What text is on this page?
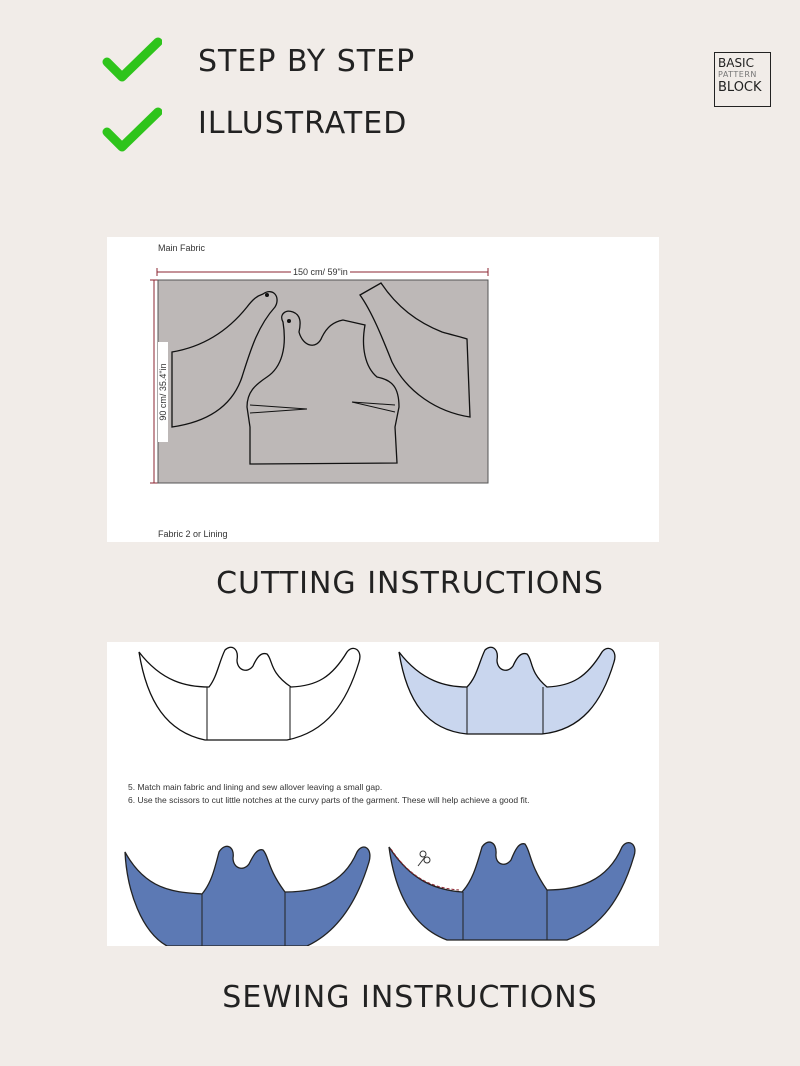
STEP BY STEP
ILLUSTRATED
BASIC
PATTERN
BLOCK
Main Fabric
150 cm/ 59"in
90 cm/ 35.4"in
Fabric 2 or Lining
CUTTING INSTRUCTIONS
5. Match main fabric and lining and sew allover leaving a small gap.
6. Use the scissors to cut little notches at the curvy parts of the garment. These will help achieve a good fit.
SEWING INSTRUCTIONS
